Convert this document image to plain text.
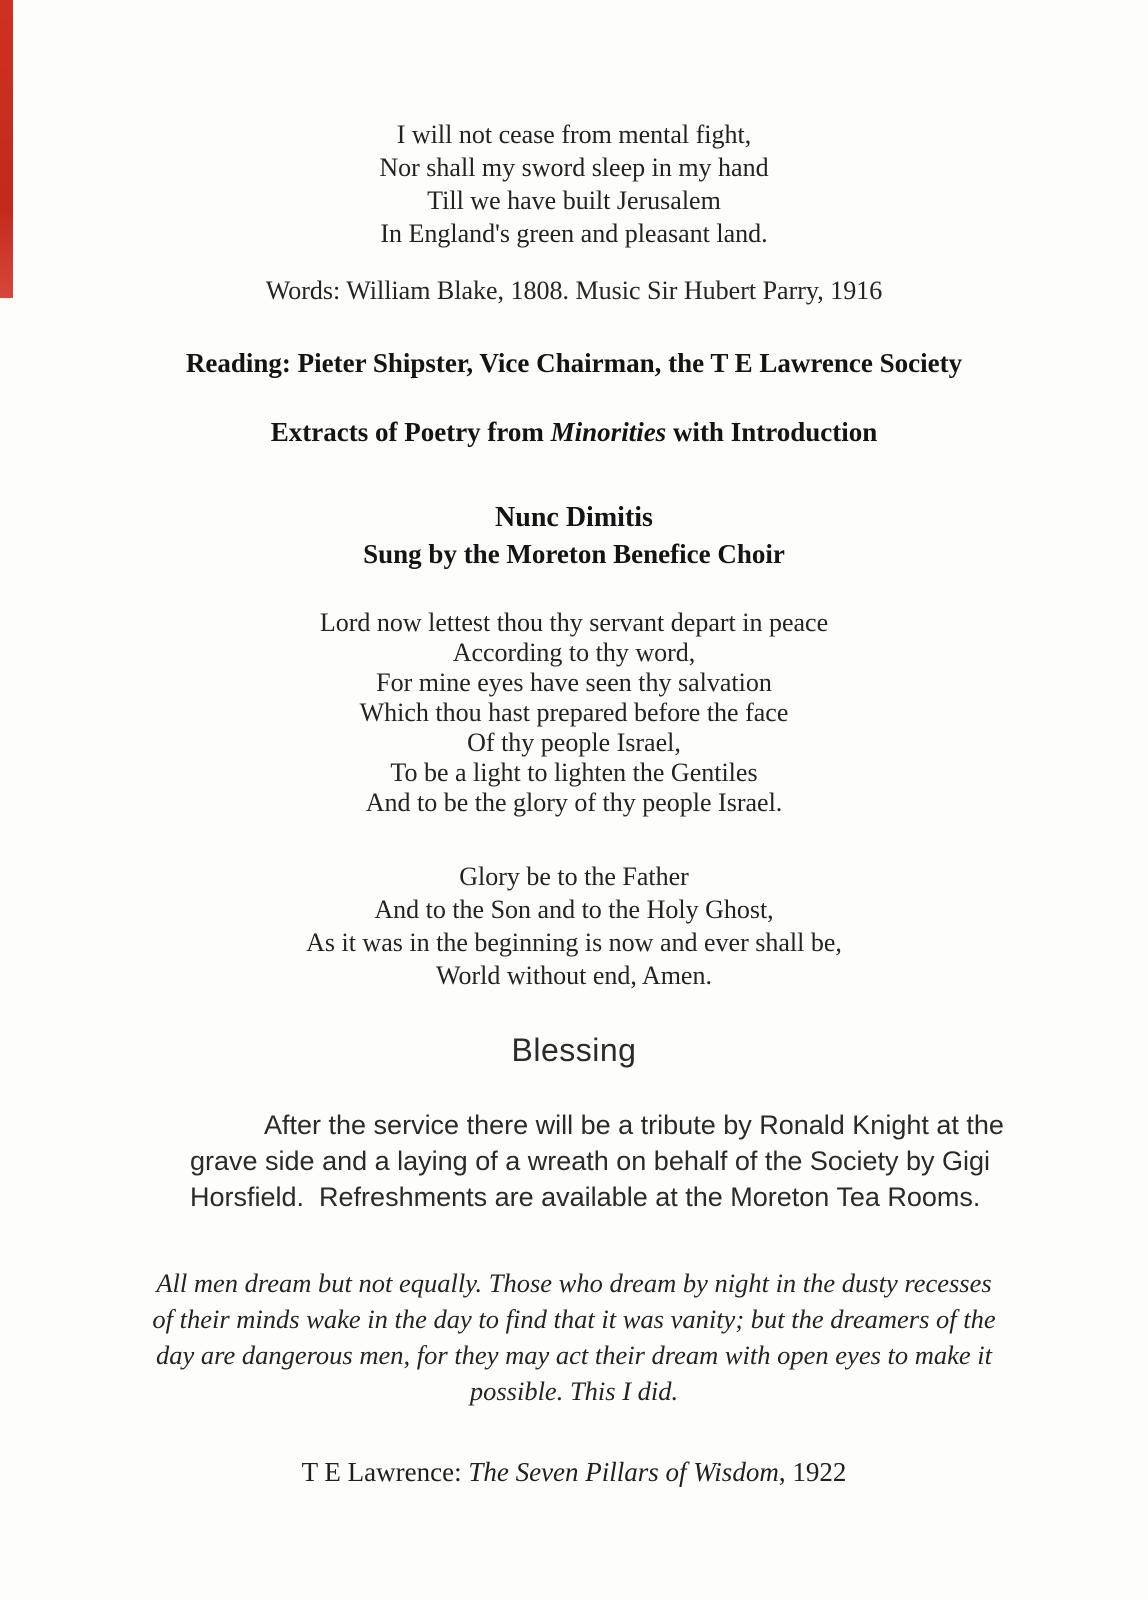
I will not cease from mental fight,
Nor shall my sword sleep in my hand
Till we have built Jerusalem
In England's green and pleasant land.
Words: William Blake, 1808. Music Sir Hubert Parry, 1916
Reading: Pieter Shipster, Vice Chairman, the T E Lawrence Society
Extracts of Poetry from Minorities with Introduction
Nunc Dimitis
Sung by the Moreton Benefice Choir
Lord now lettest thou thy servant depart in peace
According to thy word,
For mine eyes have seen thy salvation
Which thou hast prepared before the face
Of thy people Israel,
To be a light to lighten the Gentiles
And to be the glory of thy people Israel.
Glory be to the Father
And to the Son and to the Holy Ghost,
As it was in the beginning is now and ever shall be,
World without end, Amen.
Blessing
After the service there will be a tribute by Ronald Knight at the
grave side and a laying of a wreath on behalf of the Society by Gigi
Horsfield.  Refreshments are available at the Moreton Tea Rooms.
All men dream but not equally. Those who dream by night in the dusty recesses
of their minds wake in the day to find that it was vanity; but the dreamers of the
day are dangerous men, for they may act their dream with open eyes to make it
possible. This I did.
T E Lawrence: The Seven Pillars of Wisdom, 1922
